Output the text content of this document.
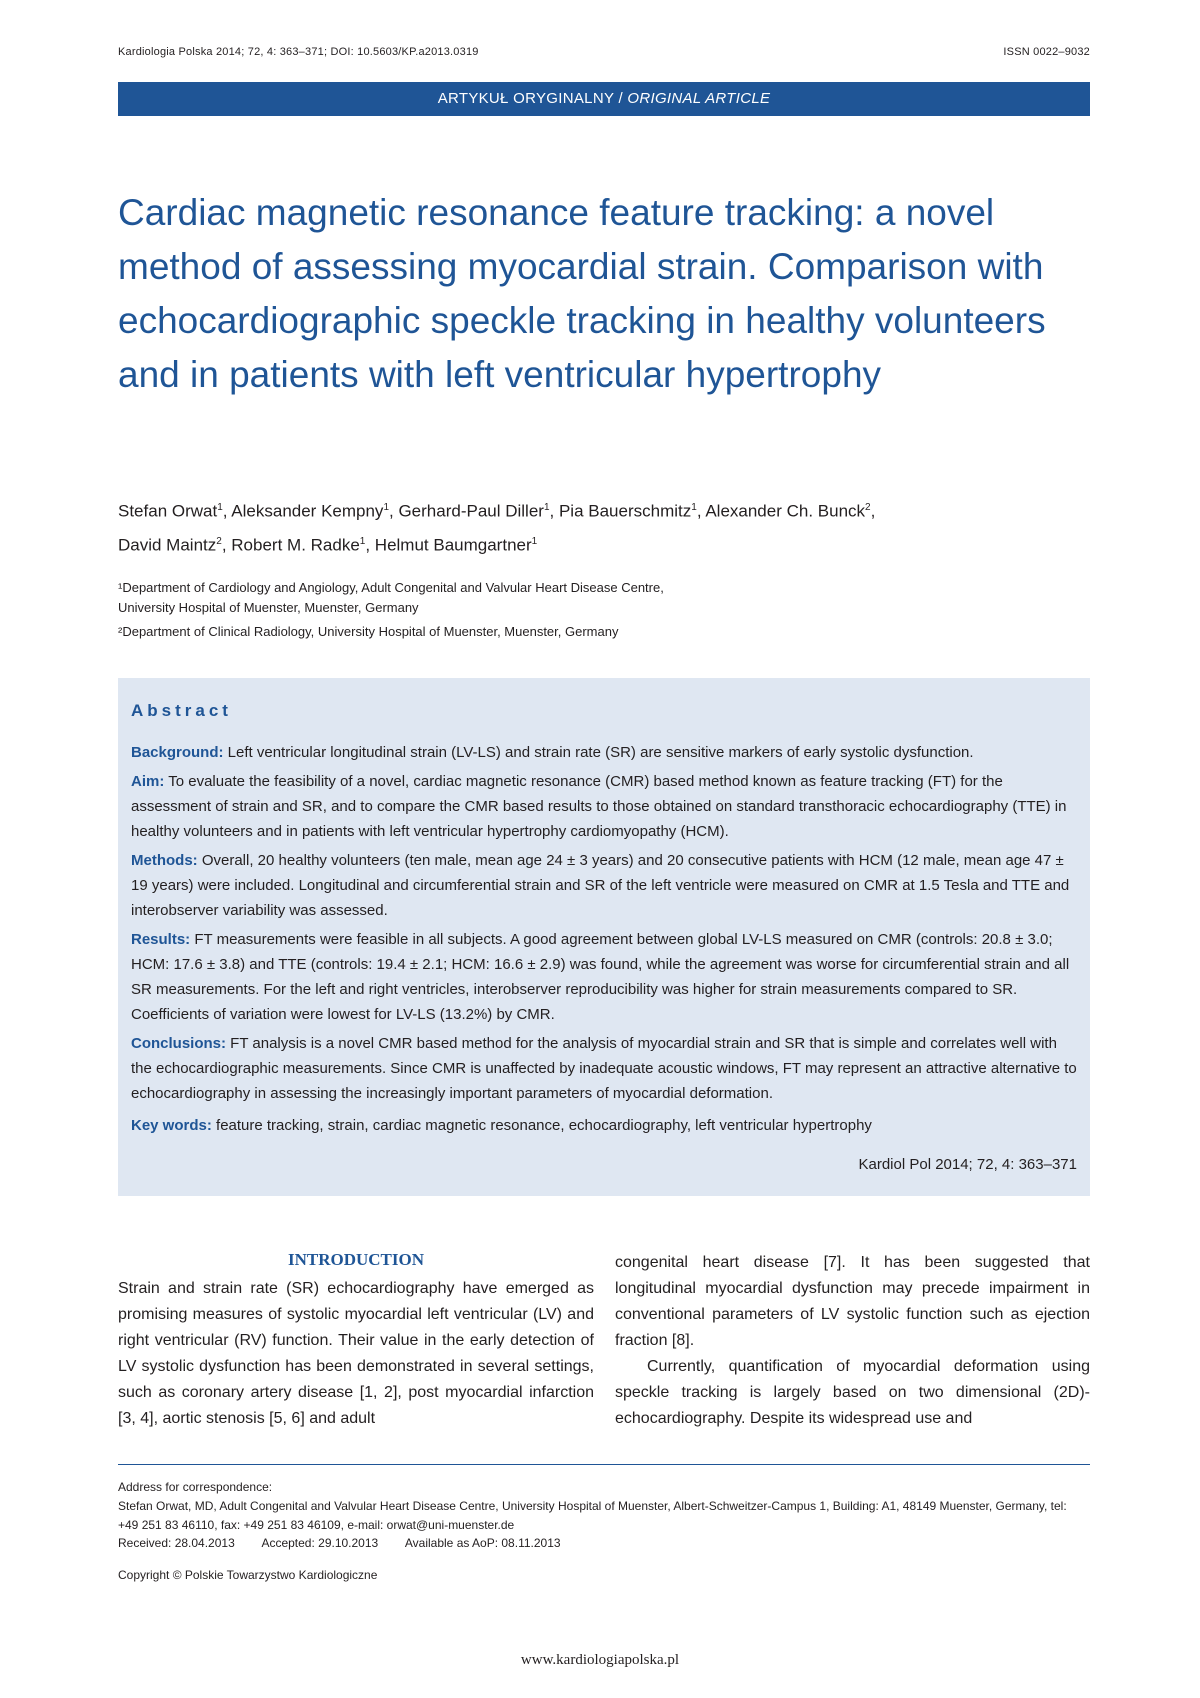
Kardiologia Polska 2014; 72, 4: 363–371; DOI: 10.5603/KP.a2013.0319	ISSN 0022–9032
ARTYKUŁ ORYGINALNY / ORIGINAL ARTICLE
Cardiac magnetic resonance feature tracking: a novel method of assessing myocardial strain. Comparison with echocardiographic speckle tracking in healthy volunteers and in patients with left ventricular hypertrophy
Stefan Orwat$^1$, Aleksander Kempny$^1$, Gerhard-Paul Diller$^1$, Pia Bauerschmitz$^1$, Alexander Ch. Bunck$^2$,
David Maintz$^2$, Robert M. Radke$^1$, Helmut Baumgartner$^1$
¹Department of Cardiology and Angiology, Adult Congenital and Valvular Heart Disease Centre,
University Hospital of Muenster, Muenster, Germany
²Department of Clinical Radiology, University Hospital of Muenster, Muenster, Germany
Abstract
Background: Left ventricular longitudinal strain (LV-LS) and strain rate (SR) are sensitive markers of early systolic dysfunction.
Aim: To evaluate the feasibility of a novel, cardiac magnetic resonance (CMR) based method known as feature tracking (FT) for the assessment of strain and SR, and to compare the CMR based results to those obtained on standard transthoracic echocardiography (TTE) in healthy volunteers and in patients with left ventricular hypertrophy cardiomyopathy (HCM).
Methods: Overall, 20 healthy volunteers (ten male, mean age 24 ± 3 years) and 20 consecutive patients with HCM (12 male, mean age 47 ± 19 years) were included. Longitudinal and circumferential strain and SR of the left ventricle were measured on CMR at 1.5 Tesla and TTE and interobserver variability was assessed.
Results: FT measurements were feasible in all subjects. A good agreement between global LV-LS measured on CMR (controls: 20.8 ± 3.0; HCM: 17.6 ± 3.8) and TTE (controls: 19.4 ± 2.1; HCM: 16.6 ± 2.9) was found, while the agreement was worse for circumferential strain and all SR measurements. For the left and right ventricles, interobserver reproducibility was higher for strain measurements compared to SR. Coefficients of variation were lowest for LV-LS (13.2%) by CMR.
Conclusions: FT analysis is a novel CMR based method for the analysis of myocardial strain and SR that is simple and correlates well with the echocardiographic measurements. Since CMR is unaffected by inadequate acoustic windows, FT may represent an attractive alternative to echocardiography in assessing the increasingly important parameters of myocardial deformation.
Key words: feature tracking, strain, cardiac magnetic resonance, echocardiography, left ventricular hypertrophy
Kardiol Pol 2014; 72, 4: 363–371
INTRODUCTION
Strain and strain rate (SR) echocardiography have emerged as promising measures of systolic myocardial left ventricular (LV) and right ventricular (RV) function. Their value in the early detection of LV systolic dysfunction has been demonstrated in several settings, such as coronary artery disease [1, 2], post myocardial infarction [3, 4], aortic stenosis [5, 6] and adult

congenital heart disease [7]. It has been suggested that longitudinal myocardial dysfunction may precede impairment in conventional parameters of LV systolic function such as ejection fraction [8].

Currently, quantification of myocardial deformation using speckle tracking is largely based on two dimensional (2D)-echocardiography. Despite its widespread use and

Address for correspondence:
Stefan Orwat, MD, Adult Congenital and Valvular Heart Disease Centre, University Hospital of Muenster, Albert-Schweitzer-Campus 1, Building: A1, 48149 Muenster, Germany, tel: +49 251 83 46110, fax: +49 251 83 46109, e-mail: orwat@uni-muenster.de
Received: 28.04.2013 Accepted: 29.10.2013 Available as AoP: 08.11.2013
Copyright © Polskie Towarzystwo Kardiologiczne
www.kardiologiapolska.pl
